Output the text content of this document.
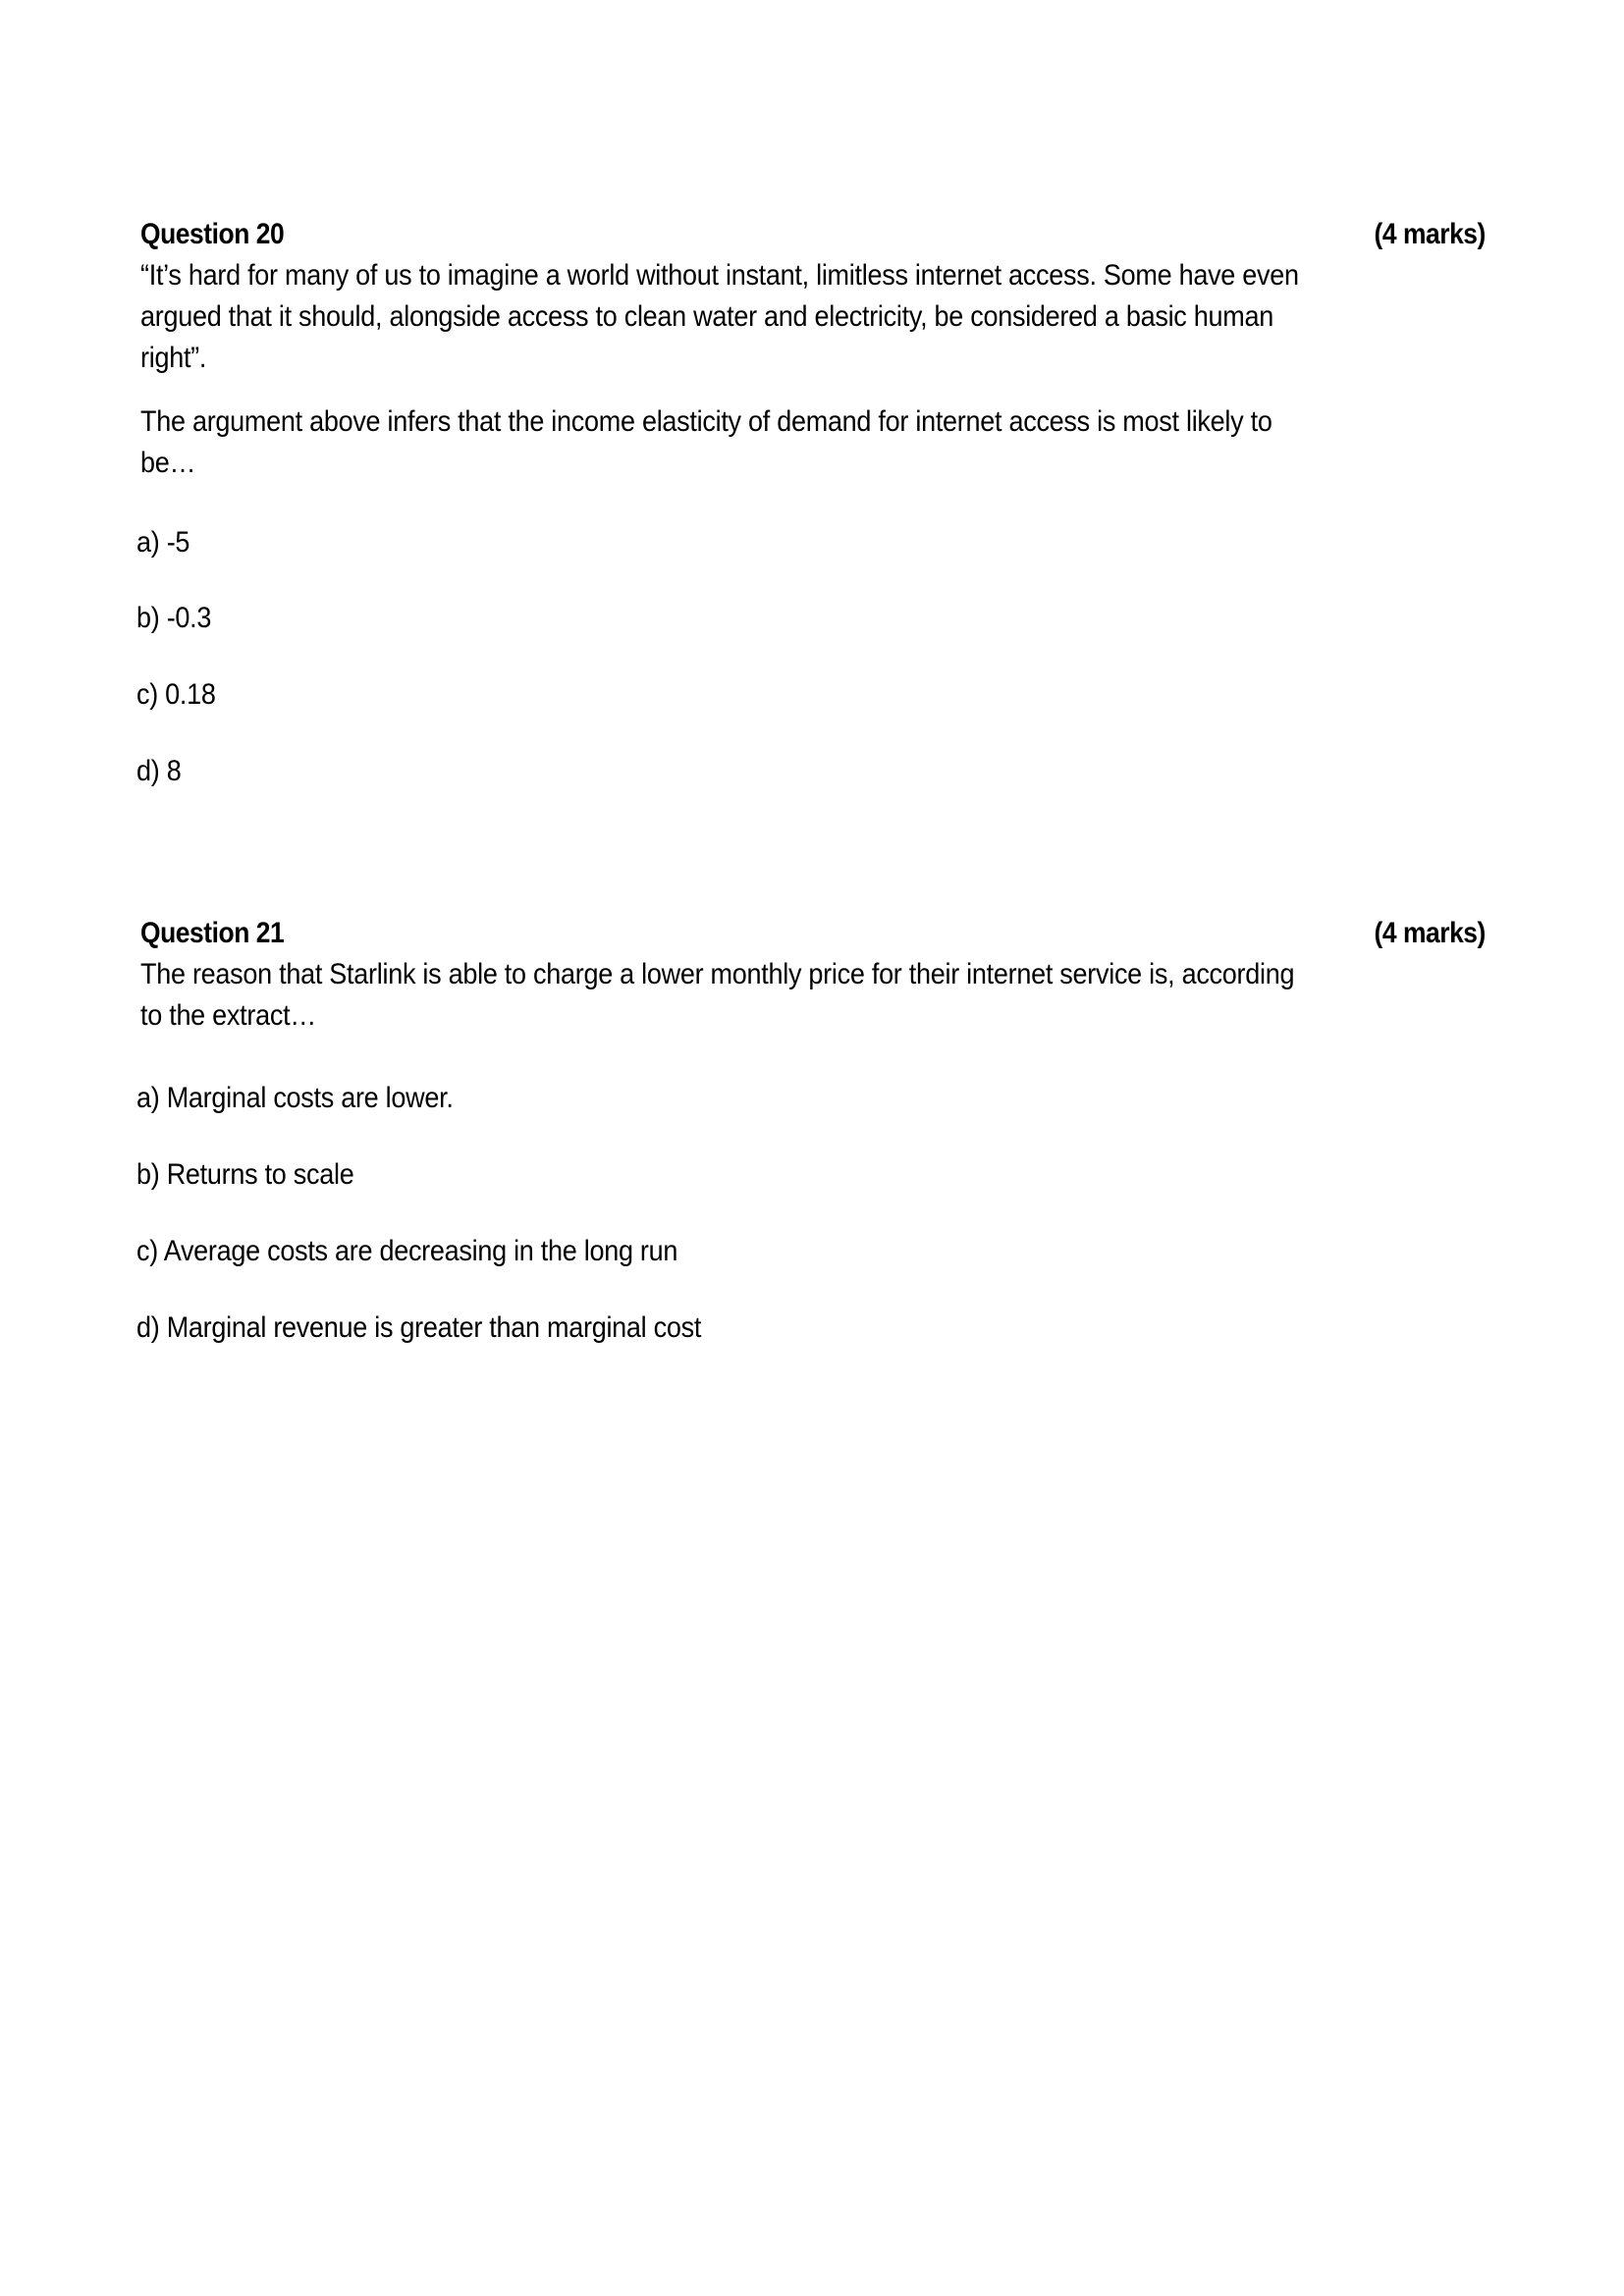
Question 20	(4 marks)

“It’s hard for many of us to imagine a world without instant, limitless internet access. Some have even argued that it should, alongside access to clean water and electricity, be considered a basic human right”.

The argument above infers that the income elasticity of demand for internet access is most likely to be…

a) -5
b) -0.3
c) 0.18
d) 8
Question 21	(4 marks)

The reason that Starlink is able to charge a lower monthly price for their internet service is, according to the extract…

a) Marginal costs are lower.
b) Returns to scale
c) Average costs are decreasing in the long run
d) Marginal revenue is greater than marginal cost
